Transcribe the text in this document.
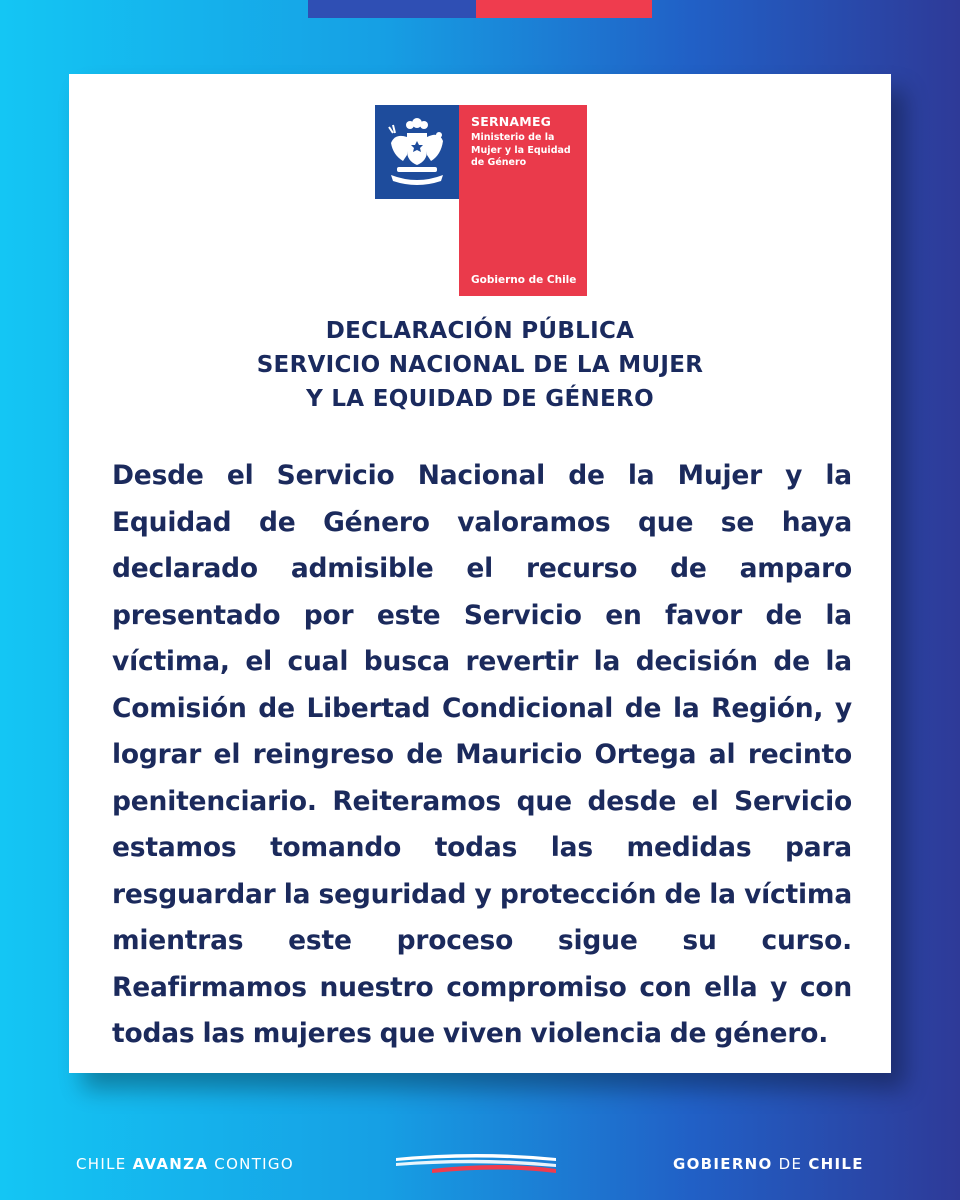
SERNAMEG
Ministerio de la Mujer y la Equidad de Género
Gobierno de Chile
DECLARACIÓN PÚBLICA
SERVICIO NACIONAL DE LA MUJER
Y LA EQUIDAD DE GÉNERO
Desde el Servicio Nacional de la Mujer y la Equidad de Género valoramos que se haya declarado admisible el recurso de amparo presentado por este Servicio en favor de la víctima, el cual busca revertir la decisión de la Comisión de Libertad Condicional de la Región, y lograr el reingreso de Mauricio Ortega al recinto penitenciario. Reiteramos que desde el Servicio estamos tomando todas las medidas para resguardar la seguridad y protección de la víctima mientras este proceso sigue su curso. Reafirmamos nuestro compromiso con ella y con todas las mujeres que viven violencia de género.
CHILE AVANZA CONTIGO	GOBIERNO DE CHILE
